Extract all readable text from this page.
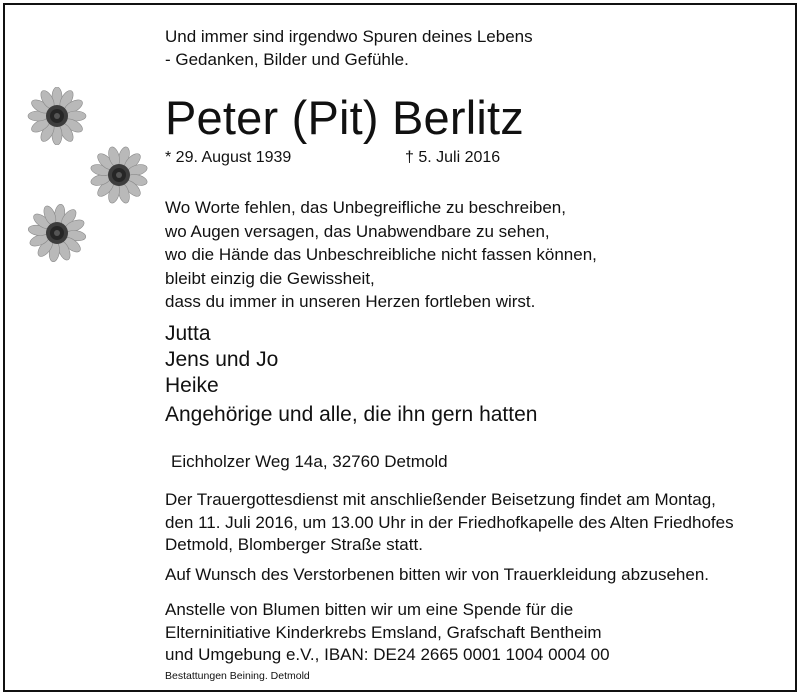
Und immer sind irgendwo Spuren deines Lebens
- Gedanken, Bilder und Gefühle.
Peter (Pit) Berlitz
* 29. August 1939	† 5. Juli 2016
Wo Worte fehlen, das Unbegreifliche zu beschreiben,
wo Augen versagen, das Unabwendbare zu sehen,
wo die Hände das Unbeschreibliche nicht fassen können,
bleibt einzig die Gewissheit,
dass du immer in unseren Herzen fortleben wirst.
Jutta
Jens und Jo
Heike
Angehörige und alle, die ihn gern hatten
Eichholzer Weg 14a, 32760 Detmold
Der Trauergottesdienst mit anschließender Beisetzung findet am Montag,
den 11. Juli 2016, um 13.00 Uhr in der Friedhofkapelle des Alten Friedhofes
Detmold, Blomberger Straße statt.
Auf Wunsch des Verstorbenen bitten wir von Trauerkleidung abzusehen.
Anstelle von Blumen bitten wir um eine Spende für die
Elterninitiative Kinderkrebs Emsland, Grafschaft Bentheim
und Umgebung e.V., IBAN: DE24 2665 0001 1004 0004 00
Bestattungen Beining. Detmold
